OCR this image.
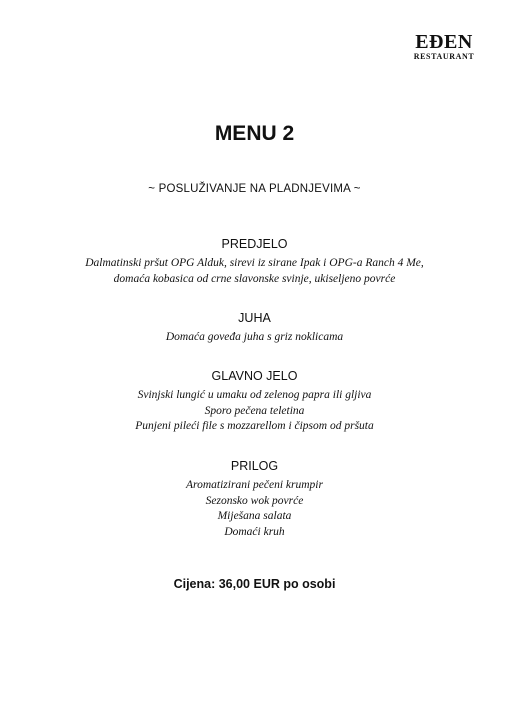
EĐEN
RESTAURANT
MENU 2
~ POSLUŽIVANJE NA PLADNJEVIMA ~
PREDJELO
Dalmatinski pršut OPG Alduk, sirevi iz sirane Ipak i OPG-a Ranch 4 Me,
domaća kobasica od crne slavonske svinje, ukiseljeno povrće
JUHA
Domaća goveđa juha s griz noklicama
GLAVNO JELO
Svinjski lungić u umaku od zelenog papra ili gljiva
Sporo pečena teletina
Punjeni pileći file s mozzarellom i čipsom od pršuta
PRILOG
Aromatizirani pečeni krumpir
Sezonsko wok povrće
Miješana salata
Domaći kruh
Cijena: 36,00 EUR po osobi
